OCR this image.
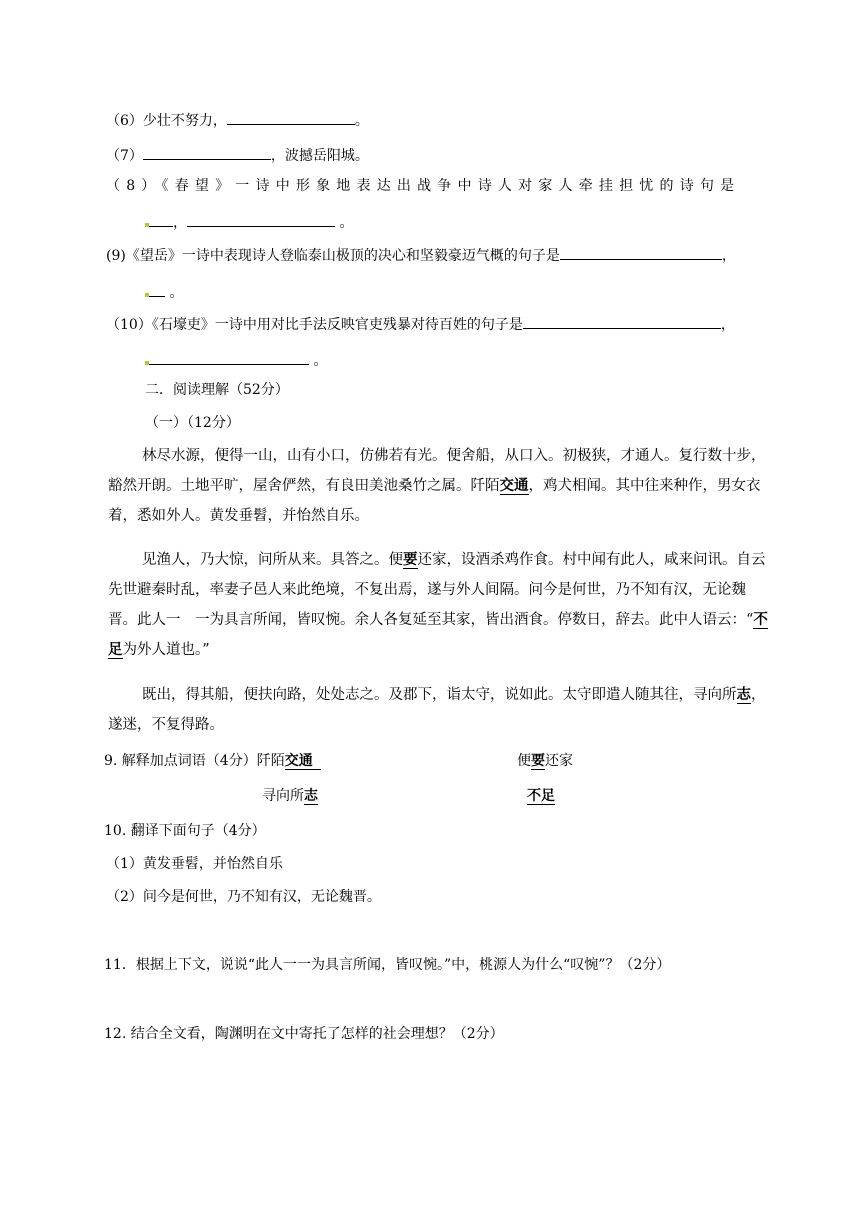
（6）少壮不努力，	。
（7）	，波撼岳阳城。
（8）《春望》一诗中形象地表达出战争中诗人对家人牵挂担忧的诗句是
，	。
(9)《望岳》一诗中表现诗人登临泰山极顶的决心和坚毅豪迈气概的句子是	，
。
（10）《石壕吏》一诗中用对比手法反映官吏残暴对待百姓的句子是	，
。
二．阅读理解（52分）
（一）（12分）
林尽水源，便得一山，山有小口，仿佛若有光。便舍船，从口入。初极狭，才通人。复行数十步，豁然开朗。土地平旷，屋舍俨然，有良田美池桑竹之属。阡陌交通，鸡犬相闻。其中往来种作，男女衣着，悉如外人。黄发垂髫，并怡然自乐。
见渔人，乃大惊，问所从来。具答之。便要还家，设酒杀鸡作食。村中闻有此人，咸来问讯。自云先世避秦时乱，率妻子邑人来此绝境，不复出焉，遂与外人间隔。问今是何世，乃不知有汉，无论魏晋。此人一　一为具言所闻，皆叹惋。余人各复延至其家，皆出酒食。停数日，辞去。此中人语云：“不足为外人道也。”
既出，得其船，便扶向路，处处志之。及郡下，诣太守，说如此。太守即遣人随其往，寻向所志，遂迷，不复得路。
9. 解释加点词语（4分）阡陌交通	便要还家
寻向所志	不足
10. 翻译下面句子（4分）
（1）黄发垂髫，并怡然自乐
（2）问今是何世，乃不知有汉，无论魏晋。
11．根据上下文，说说“此人一一为具言所闻，皆叹惋。”中，桃源人为什么“叹惋”？（2分）
12. 结合全文看，陶渊明在文中寄托了怎样的社会理想？（2分）
